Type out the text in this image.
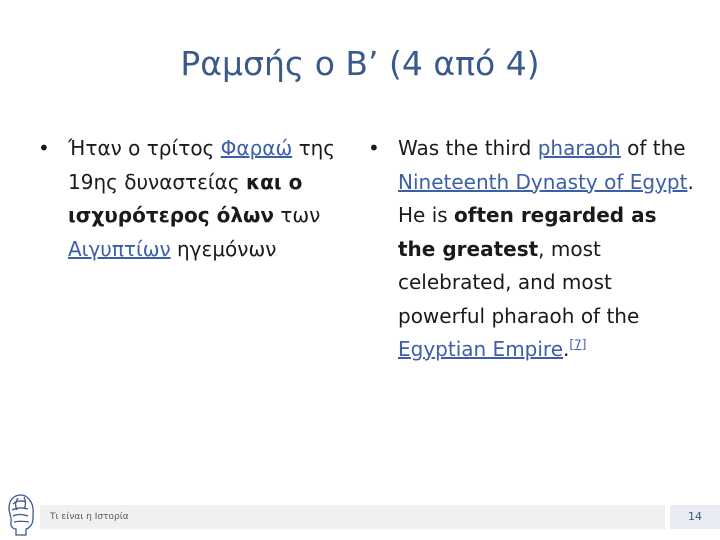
Ραμσής ο Β’ (4 από 4)
• Ήταν ο τρίτος Φαραώ της 19ης δυναστείας και ο ισχυρότερος όλων των Αιγυπτίων ηγεμόνων
• Was the third pharaoh of the Nineteenth Dynasty of Egypt. He is often regarded as the greatest, most celebrated, and most powerful pharaoh of the Egyptian Empire.[7]
Τι είναι η Ιστορία	14
